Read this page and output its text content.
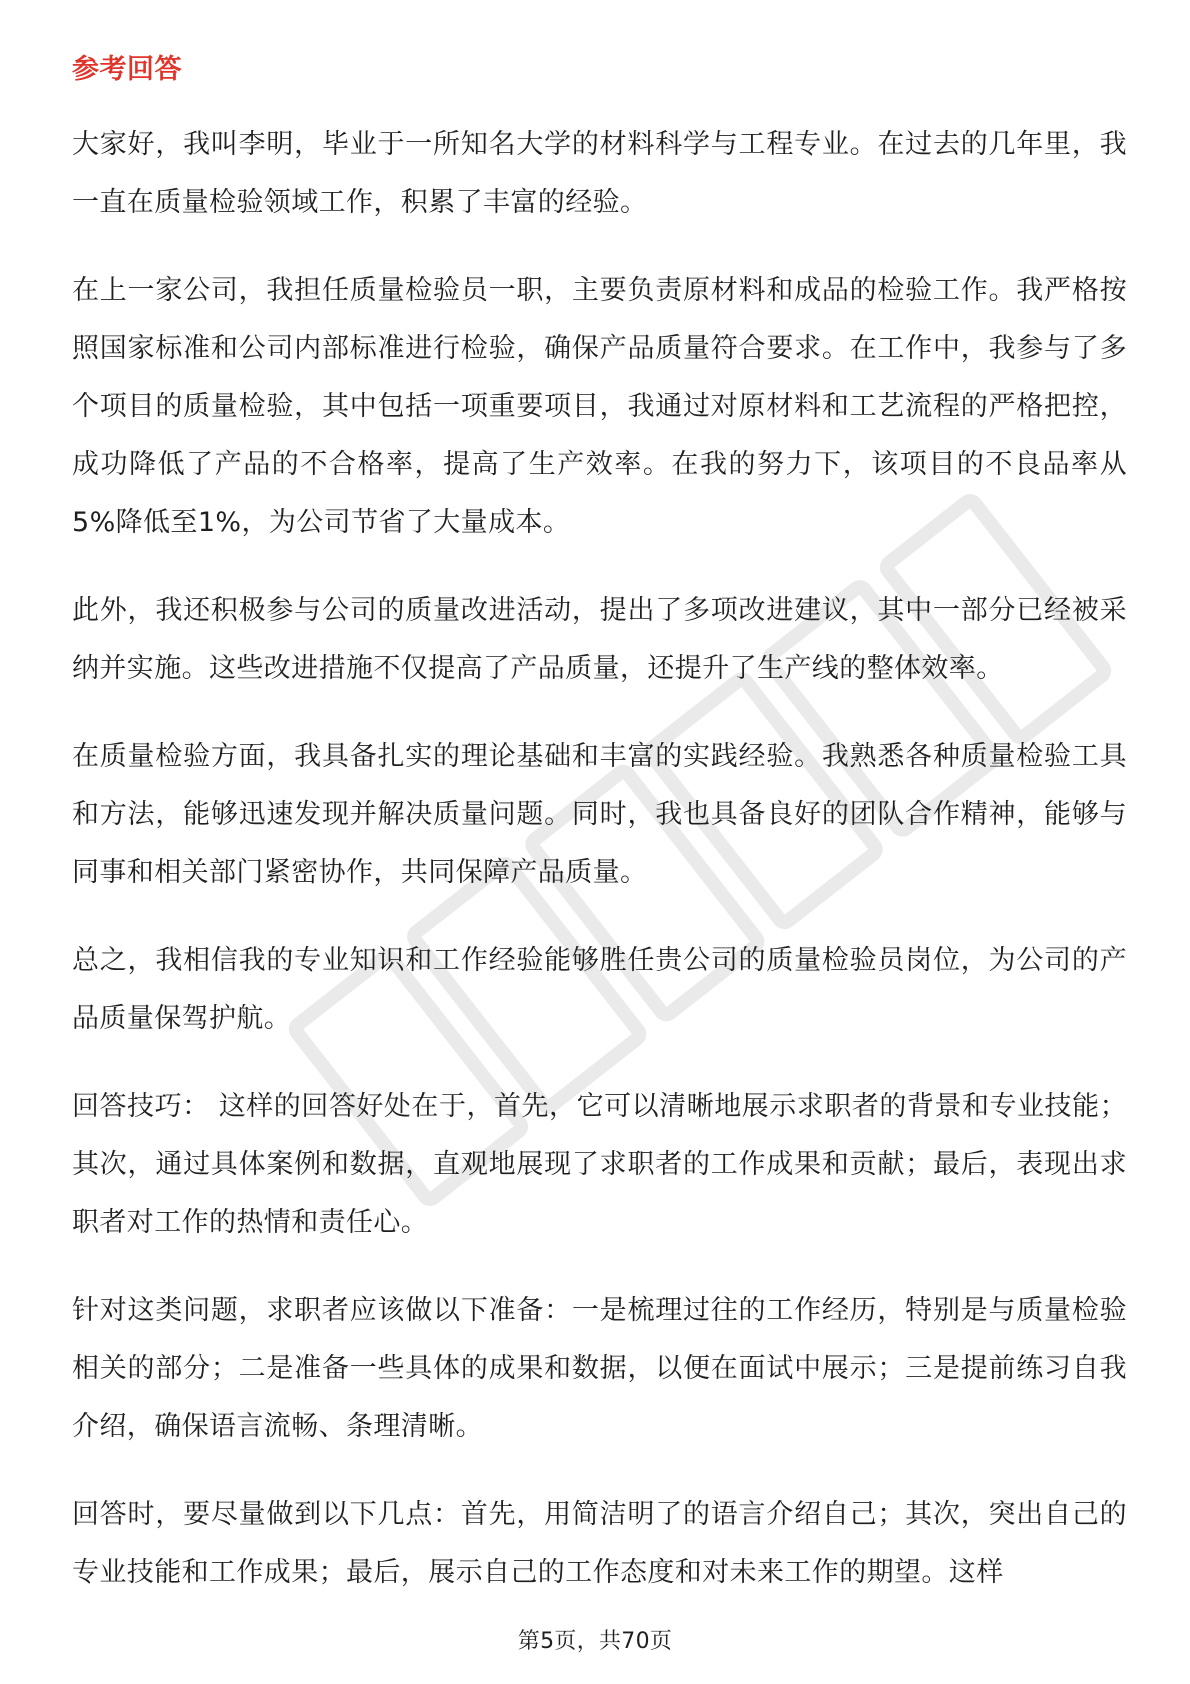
参考回答

大家好，我叫李明，毕业于一所知名大学的材料科学与工程专业。在过去的几年里，我一直在质量检验领域工作，积累了丰富的经验。

在上一家公司，我担任质量检验员一职，主要负责原材料和成品的检验工作。我严格按照国家标准和公司内部标准进行检验，确保产品质量符合要求。在工作中，我参与了多个项目的质量检验，其中包括一项重要项目，我通过对原材料和工艺流程的严格把控，成功降低了产品的不合格率，提高了生产效率。在我的努力下，该项目的不良品率从5%降低至1%，为公司节省了大量成本。

此外，我还积极参与公司的质量改进活动，提出了多项改进建议，其中一部分已经被采纳并实施。这些改进措施不仅提高了产品质量，还提升了生产线的整体效率。

在质量检验方面，我具备扎实的理论基础和丰富的实践经验。我熟悉各种质量检验工具和方法，能够迅速发现并解决质量问题。同时，我也具备良好的团队合作精神，能够与同事和相关部门紧密协作，共同保障产品质量。

总之，我相信我的专业知识和工作经验能够胜任贵公司的质量检验员岗位，为公司的产品质量保驾护航。

回答技巧： 这样的回答好处在于，首先，它可以清晰地展示求职者的背景和专业技能；其次，通过具体案例和数据，直观地展现了求职者的工作成果和贡献；最后，表现出求职者对工作的热情和责任心。

针对这类问题，求职者应该做以下准备：一是梳理过往的工作经历，特别是与质量检验相关的部分；二是准备一些具体的成果和数据，以便在面试中展示；三是提前练习自我介绍，确保语言流畅、条理清晰。

回答时，要尽量做到以下几点：首先，用简洁明了的语言介绍自己；其次，突出自己的专业技能和工作成果；最后，展示自己的工作态度和对未来工作的期望。这样

第5页，共70页
